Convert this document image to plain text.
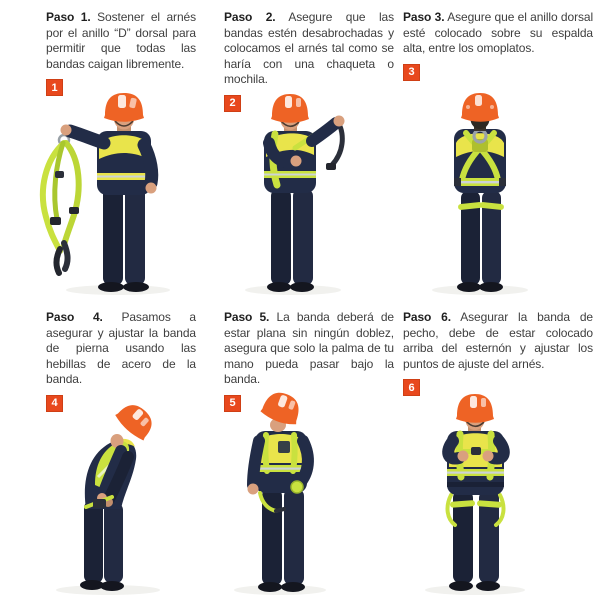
Paso 1. Sostener el arnés por el anillo “D” dorsal para permitir que todas las bandas caigan libremente.

1

Paso 2. Asegure que las bandas estén desabrochadas y colocamos el arnés tal como se haría con una chaqueta o mochila.

2

Paso 3. Asegure que el anillo dorsal esté colocado sobre su espalda alta, entre los omoplatos.

3

Paso 4. Pasamos a asegurar y ajustar la banda de pierna usando las hebillas de acero de la banda.

4

Paso 5. La banda deberá de estar plana sin ningún doblez, asegura que solo la palma de tu mano pueda pasar bajo la banda.

5

Paso 6. Asegurar la banda de pecho, debe de estar colocado arriba del esternón y ajustar los puntos de ajuste del arnés.

6
